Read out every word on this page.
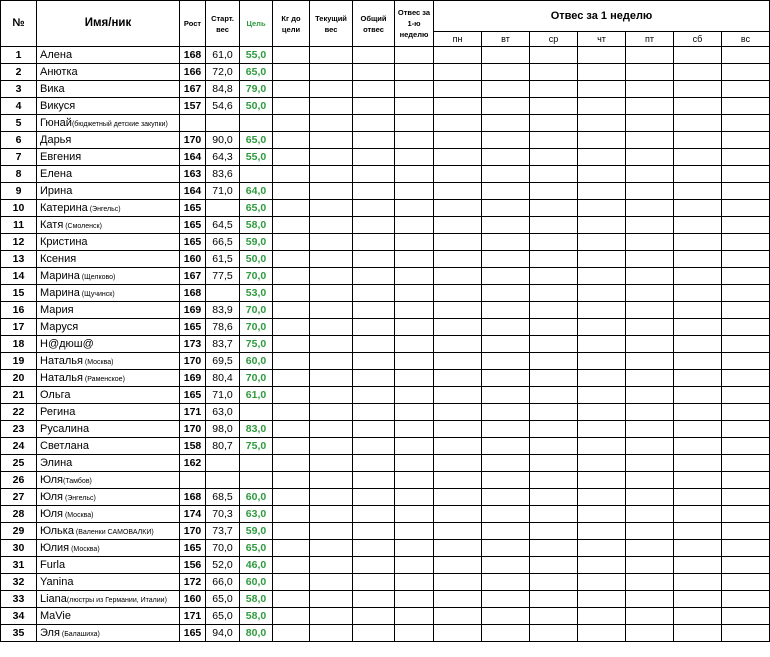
№	Имя/ник	Рост	Старт. вес	Цель	Кг до цели	Текущий вес	Общий отвес	Отвес за 1-ю неделю	Отвес за 1 неделю						
									пн	вт	ср	чт	пт	сб	вс
1	Алена	168	61,0	55,0											
2	Анютка	166	72,0	65,0											
3	Вика	167	84,8	79,0											
4	Викуся	157	54,6	50,0											
5	Гюнай(бюджетный детские закупки)														
6	Дарья	170	90,0	65,0											
7	Евгения	164	64,3	55,0											
8	Елена	163	83,6												
9	Ирина	164	71,0	64,0											
10	Катерина (Энгельс)	165		65,0											
11	Катя (Смоленск)	165	64,5	58,0											
12	Кристина	165	66,5	59,0											
13	Ксения	160	61,5	50,0											
14	Марина (Щелково)	167	77,5	70,0											
15	Марина (Щучинск)	168		53,0											
16	Мария	169	83,9	70,0											
17	Маруся	165	78,6	70,0											
18	Н@дюш@	173	83,7	75,0											
19	Наталья (Москва)	170	69,5	60,0											
20	Наталья (Раменское)	169	80,4	70,0											
21	Ольга	165	71,0	61,0											
22	Регина	171	63,0												
23	Русалина	170	98,0	83,0											
24	Светлана	158	80,7	75,0											
25	Элина	162													
26	Юля(Тамбов)														
27	Юля (Энгельс)	168	68,5	60,0											
28	Юля (Москва)	174	70,3	63,0											
29	Юлька (Валенки САМОВАЛКИ)	170	73,7	59,0											
30	Юлия (Москва)	165	70,0	65,0											
31	Furla	156	52,0	46,0											
32	Yanina	172	66,0	60,0											
33	Liana(люстры из Германии, Италии)	160	65,0	58,0											
34	MaVie	171	65,0	58,0											
35	Эля (Балашиха)	165	94,0	80,0											
